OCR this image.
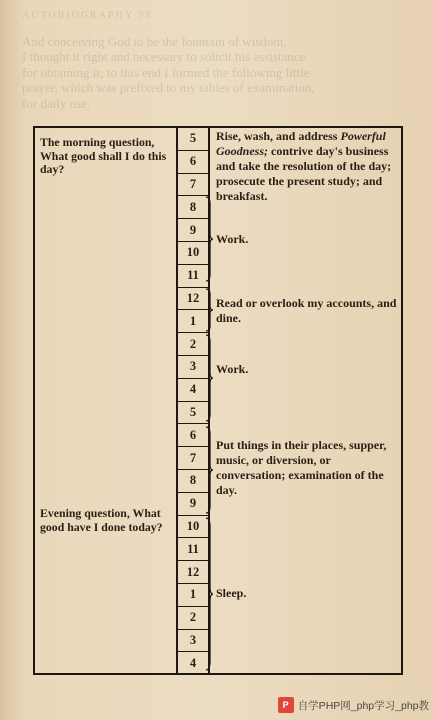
AUTOBIOGRAPHY 93

And conceiving God to be the fountain of wisdom,

I thought it right and necessary to solicit his assistance

for obtaining it; to this end I formed the following little

prayer, which was prefixed to my tables of examination,

for daily use.

The morning question, What good shall I do this day?
Evening question, What good have I done today?
5
6
7
8
9
10
11
12
1
2
3
4
5
6
7
8
9
10
11
12
1
2
3
4
Rise, wash, and address Powerful Goodness; contrive day's business and take the resolution of the day; prosecute the present study; and breakfast.
Work.
Read or overlook my accounts, and dine.
Work.
Put things in their places, supper, music, or diversion, or conversation; examination of the day.
Sleep.
P 自学PHP网_php学习_php教
